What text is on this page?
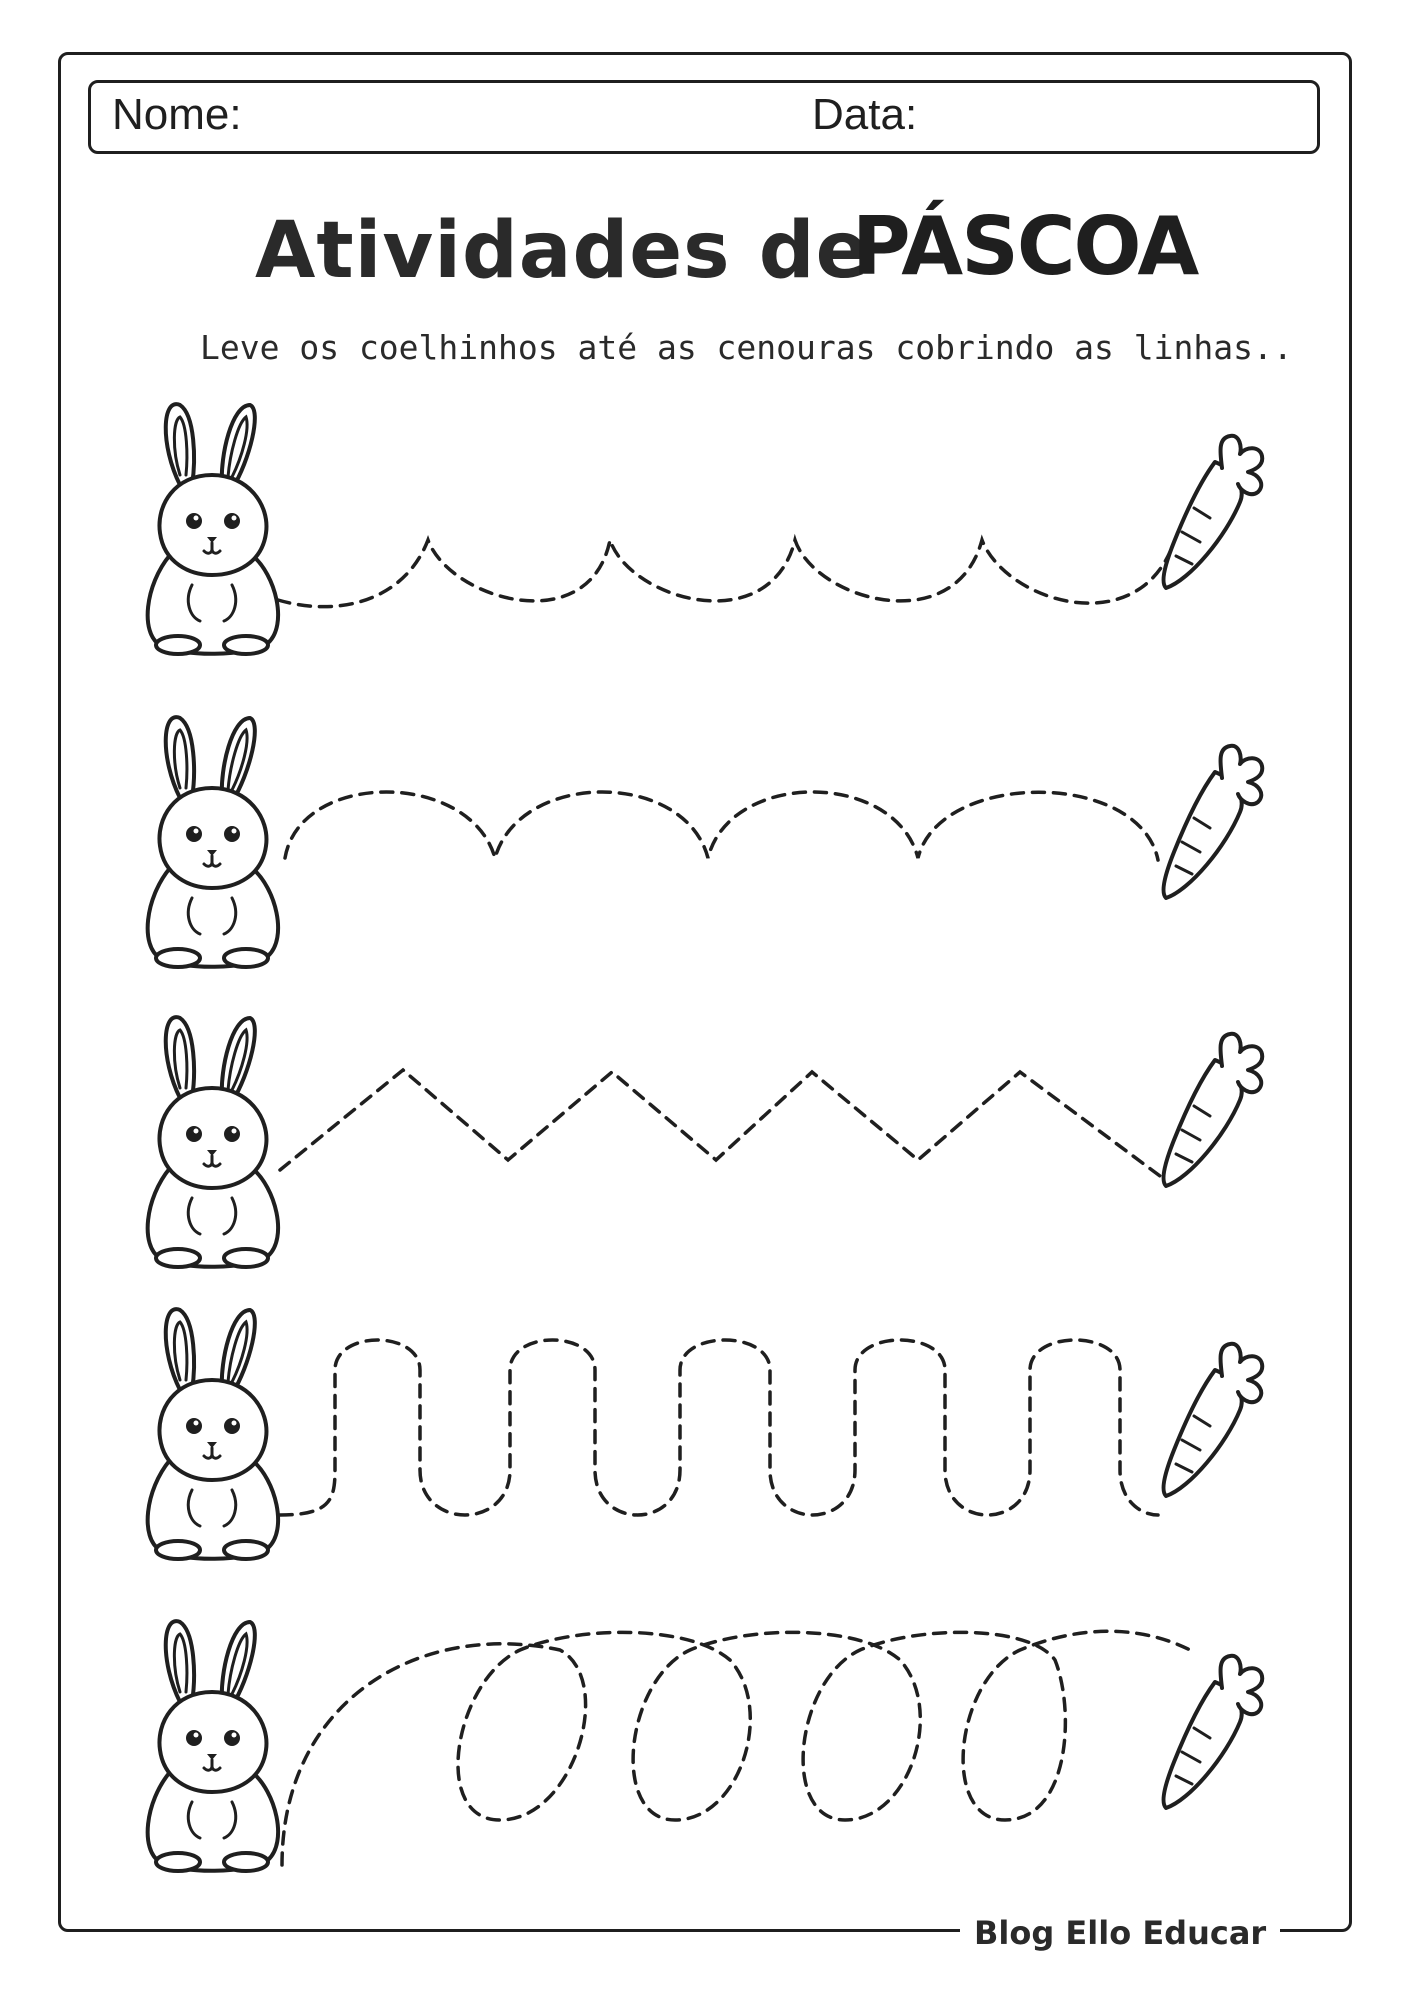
Nome:	Data:
Atividades de
PÁSCOA
Leve os coelhinhos até as cenouras cobrindo as linhas..
Blog Ello Educar
